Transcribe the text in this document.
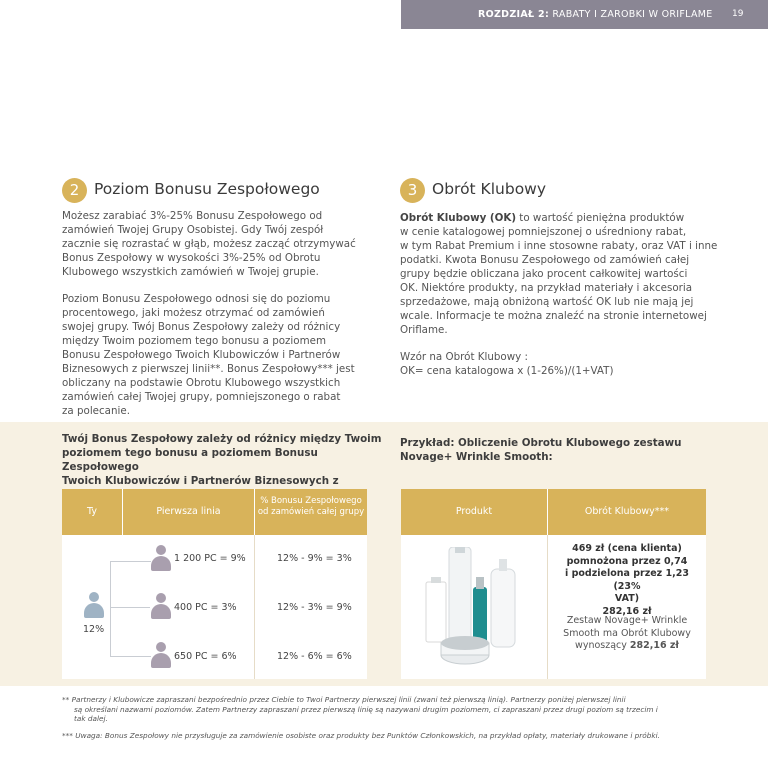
ROZDZIAŁ 2: RABATY I ZAROBKI W ORIFLAME 19
2 Poziom Bonusu Zespołowego
Możesz zarabiać 3%-25% Bonusu Zespołowego od
zamówień Twojej Grupy Osobistej. Gdy Twój zespół
zacznie się rozrastać w głąb, możesz zacząć otrzymywać
Bonus Zespołowy w wysokości 3%-25% od Obrotu
Klubowego wszystkich zamówień w Twojej grupie.
Poziom Bonusu Zespołowego odnosi się do poziomu
procentowego, jaki możesz otrzymać od zamówień
swojej grupy. Twój Bonus Zespołowy zależy od różnicy
między Twoim poziomem tego bonusu a poziomem
Bonusu Zespołowego Twoich Klubowiczów i Partnerów
Biznesowych z pierwszej linii**. Bonus Zespołowy*** jest
obliczany na podstawie Obrotu Klubowego wszystkich
zamówień całej Twojej grupy, pomniejszonego o rabat
za polecanie.
3 Obrót Klubowy
Obrót Klubowy (OK) to wartość pieniężna produktów
w cenie katalogowej pomniejszonej o uśredniony rabat,
w tym Rabat Premium i inne stosowne rabaty, oraz VAT i inne
podatki. Kwota Bonusu Zespołowego od zamówień całej
grupy będzie obliczana jako procent całkowitej wartości
OK. Niektóre produkty, na przykład materiały i akcesoria
sprzedażowe, mają obniżoną wartość OK lub nie mają jej
wcale. Informacje te można znaleźć na stronie internetowej
Oriflame.
Wzór na Obrót Klubowy :
OK= cena katalogowa x (1-26%)/(1+VAT)
Twój Bonus Zespołowy zależy od różnicy między Twoim
poziomem tego bonusu a poziomem Bonusu Zespołowego
Twoich Klubowiczów i Partnerów Biznesowych z
Przykład: Obliczenie Obrotu Klubowego zestawu
Novage+ Wrinkle Smooth:
Ty	Pierwsza linia
% Bonusu Zespołowego od zamówień całej grupy
12%
1 200 PC = 9%
400 PC = 3%
650 PC = 6%
12% - 9% = 3%
12% - 3% = 9%
12% - 6% = 6%
Produkt	Obrót Klubowy***
469 zł (cena klienta)
pomnożona przez 0,74
i podzielona przez 1,23 (23%
VAT)
282,16 zł
Zestaw Novage+ Wrinkle
Smooth ma Obrót Klubowy
wynoszący 282,16 zł
** Partnerzy i Klubowicze zapraszani bezpośrednio przez Ciebie to Twoi Partnerzy pierwszej linii (zwani też pierwszą linią). Partnerzy poniżej pierwszej linii
są określani nazwami poziomów. Zatem Partnerzy zapraszani przez pierwszą linię są nazywani drugim poziomem, ci zapraszani przez drugi poziom są trzecim i
tak dalej.
*** Uwaga: Bonus Zespołowy nie przysługuje za zamówienie osobiste oraz produkty bez Punktów Członkowskich, na przykład opłaty, materiały drukowane i próbki.
